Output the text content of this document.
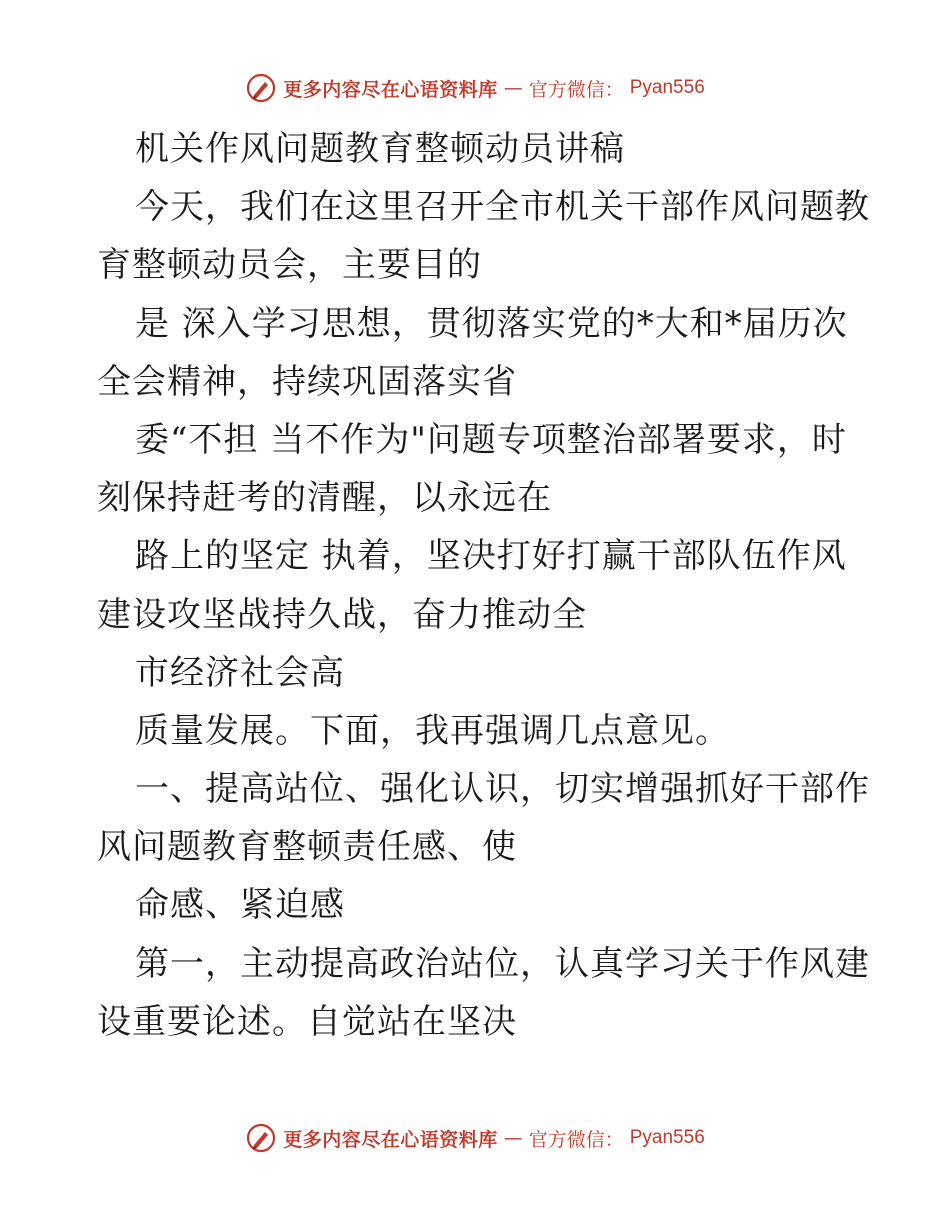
更多内容尽在心语资料库 — 官方微信： Pyan556
机关作风问题教育整顿动员讲稿
今天，我们在这里召开全市机关干部作风问题教
育整顿动员会，主要目的
是 深入学习思想，贯彻落实党的*大和*届历次
全会精神，持续巩固落实省
委“不担 当不作为"问题专项整治部署要求，时
刻保持赶考的清醒，以永远在
路上的坚定 执着，坚决打好打赢干部队伍作风
建设攻坚战持久战，奋力推动全
市经济社会高
质量发展。下面，我再强调几点意见。
一、提高站位、强化认识，切实增强抓好干部作
风问题教育整顿责任感、使
命感、紧迫感
第一，主动提高政治站位，认真学习关于作风建
设重要论述。自觉站在坚决
更多内容尽在心语资料库 — 官方微信： Pyan556
